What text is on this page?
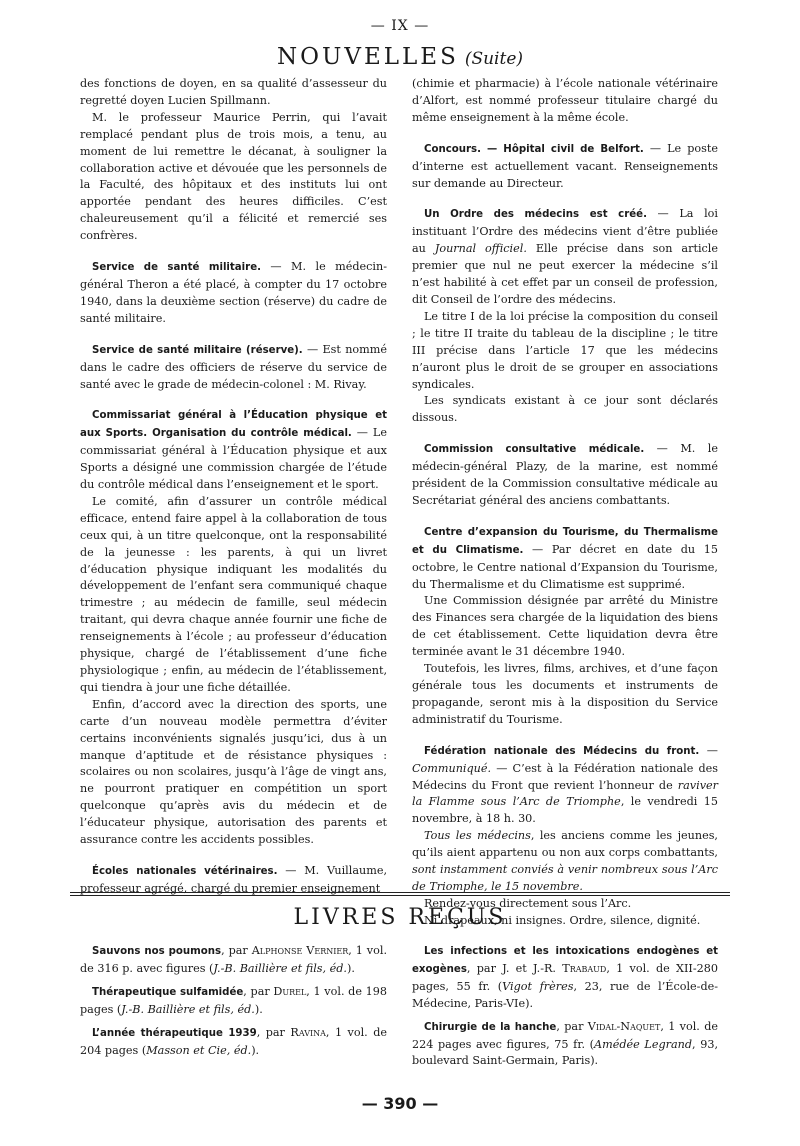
— IX —
NOUVELLES (Suite)

des fonctions de doyen, en sa qualité d’assesseur du regretté doyen Lucien Spillmann.

M. le professeur Maurice Perrin, qui l’avait remplacé pendant plus de trois mois, a tenu, au moment de lui remettre le décanat, à souligner la collaboration active et dévouée que les personnels de la Faculté, des hôpitaux et des instituts lui ont apportée pendant des heures difficiles. C’est chaleureusement qu’il a félicité et remercié ses confrères.

Service de santé militaire. — M. le médecin-général Theron a été placé, à compter du 17 octobre 1940, dans la deuxième section (réserve) du cadre de santé militaire.

Service de santé militaire (réserve). — Est nommé dans le cadre des officiers de réserve du service de santé avec le grade de médecin-colonel : M. Rivay.

Commissariat général à l’Éducation physique et aux Sports. Organisation du contrôle médical. — Le commissariat général à l’Éducation physique et aux Sports a désigné une commission chargée de l’étude du contrôle médical dans l’enseignement et le sport.

Le comité, afin d’assurer un contrôle médical efficace, entend faire appel à la collaboration de tous ceux qui, à un titre quelconque, ont la responsabilité de la jeunesse : les parents, à qui un livret d’éducation physique indiquant les modalités du développement de l’enfant sera communiqué chaque trimestre ; au médecin de famille, seul médecin traitant, qui devra chaque année fournir une fiche de renseignements à l’école ; au professeur d’éducation physique, chargé de l’établissement d’une fiche physiologique ; enfin, au médecin de l’établissement, qui tiendra à jour une fiche détaillée.

Enfin, d’accord avec la direction des sports, une carte d’un nouveau modèle permettra d’éviter certains inconvénients signalés jusqu’ici, dus à un manque d’aptitude et de résistance physiques : scolaires ou non scolaires, jusqu’à l’âge de vingt ans, ne pourront pratiquer en compétition un sport quelconque qu’après avis du médecin et de l’éducateur physique, autorisation des parents et assurance contre les accidents possibles.

Écoles nationales vétérinaires. — M. Vuillaume, professeur agrégé, chargé du premier enseignement

(chimie et pharmacie) à l’école nationale vétérinaire d’Alfort, est nommé professeur titulaire chargé du même enseignement à la même école.

Concours. — Hôpital civil de Belfort. — Le poste d’interne est actuellement vacant. Renseignements sur demande au Directeur.

Un Ordre des médecins est créé. — La loi instituant l’Ordre des médecins vient d’être publiée au Journal officiel. Elle précise dans son article premier que nul ne peut exercer la médecine s’il n’est habilité à cet effet par un conseil de profession, dit Conseil de l’ordre des médecins.

Le titre I de la loi précise la composition du conseil ; le titre II traite du tableau de la discipline ; le titre III précise dans l’article 17 que les médecins n’auront plus le droit de se grouper en associations syndicales.

Les syndicats existant à ce jour sont déclarés dissous.

Commission consultative médicale. — M. le médecin-général Plazy, de la marine, est nommé président de la Commission consultative médicale au Secrétariat général des anciens combattants.

Centre d’expansion du Tourisme, du Thermalisme et du Climatisme. — Par décret en date du 15 octobre, le Centre national d’Expansion du Tourisme, du Thermalisme et du Climatisme est supprimé.

Une Commission désignée par arrêté du Ministre des Finances sera chargée de la liquidation des biens de cet établissement. Cette liquidation devra être terminée avant le 31 décembre 1940.

Toutefois, les livres, films, archives, et d’une façon générale tous les documents et instruments de propagande, seront mis à la disposition du Service administratif du Tourisme.

Fédération nationale des Médecins du front. — Communiqué. — C’est à la Fédération nationale des Médecins du Front que revient l’honneur de raviver la Flamme sous l’Arc de Triomphe, le vendredi 15 novembre, à 18 h. 30.

Tous les médecins, les anciens comme les jeunes, qu’ils aient appartenu ou non aux corps combattants, sont instamment conviés à venir nombreux sous l’Arc de Triomphe, le 15 novembre.

Rendez-vous directement sous l’Arc.

Ni drapeaux, ni insignes. Ordre, silence, dignité.

LIVRES REÇUS

Sauvons nos poumons, par Alphonse Vernier, 1 vol. de 316 p. avec figures (J.-B. Baillière et fils, éd.).

Thérapeutique sulfamidée, par Durel, 1 vol. de 198 pages (J.-B. Baillière et fils, éd.).

L’année thérapeutique 1939, par Ravina, 1 vol. de 204 pages (Masson et Cie, éd.).

Les infections et les intoxications endogènes et exogènes, par J. et J.-R. Trabaud, 1 vol. de XII-280 pages, 55 fr. (Vigot frères, 23, rue de l’École-de-Médecine, Paris-VIe).

Chirurgie de la hanche, par Vidal-Naquet, 1 vol. de 224 pages avec figures, 75 fr. (Amédée Legrand, 93, boulevard Saint-Germain, Paris).

— 390 —
